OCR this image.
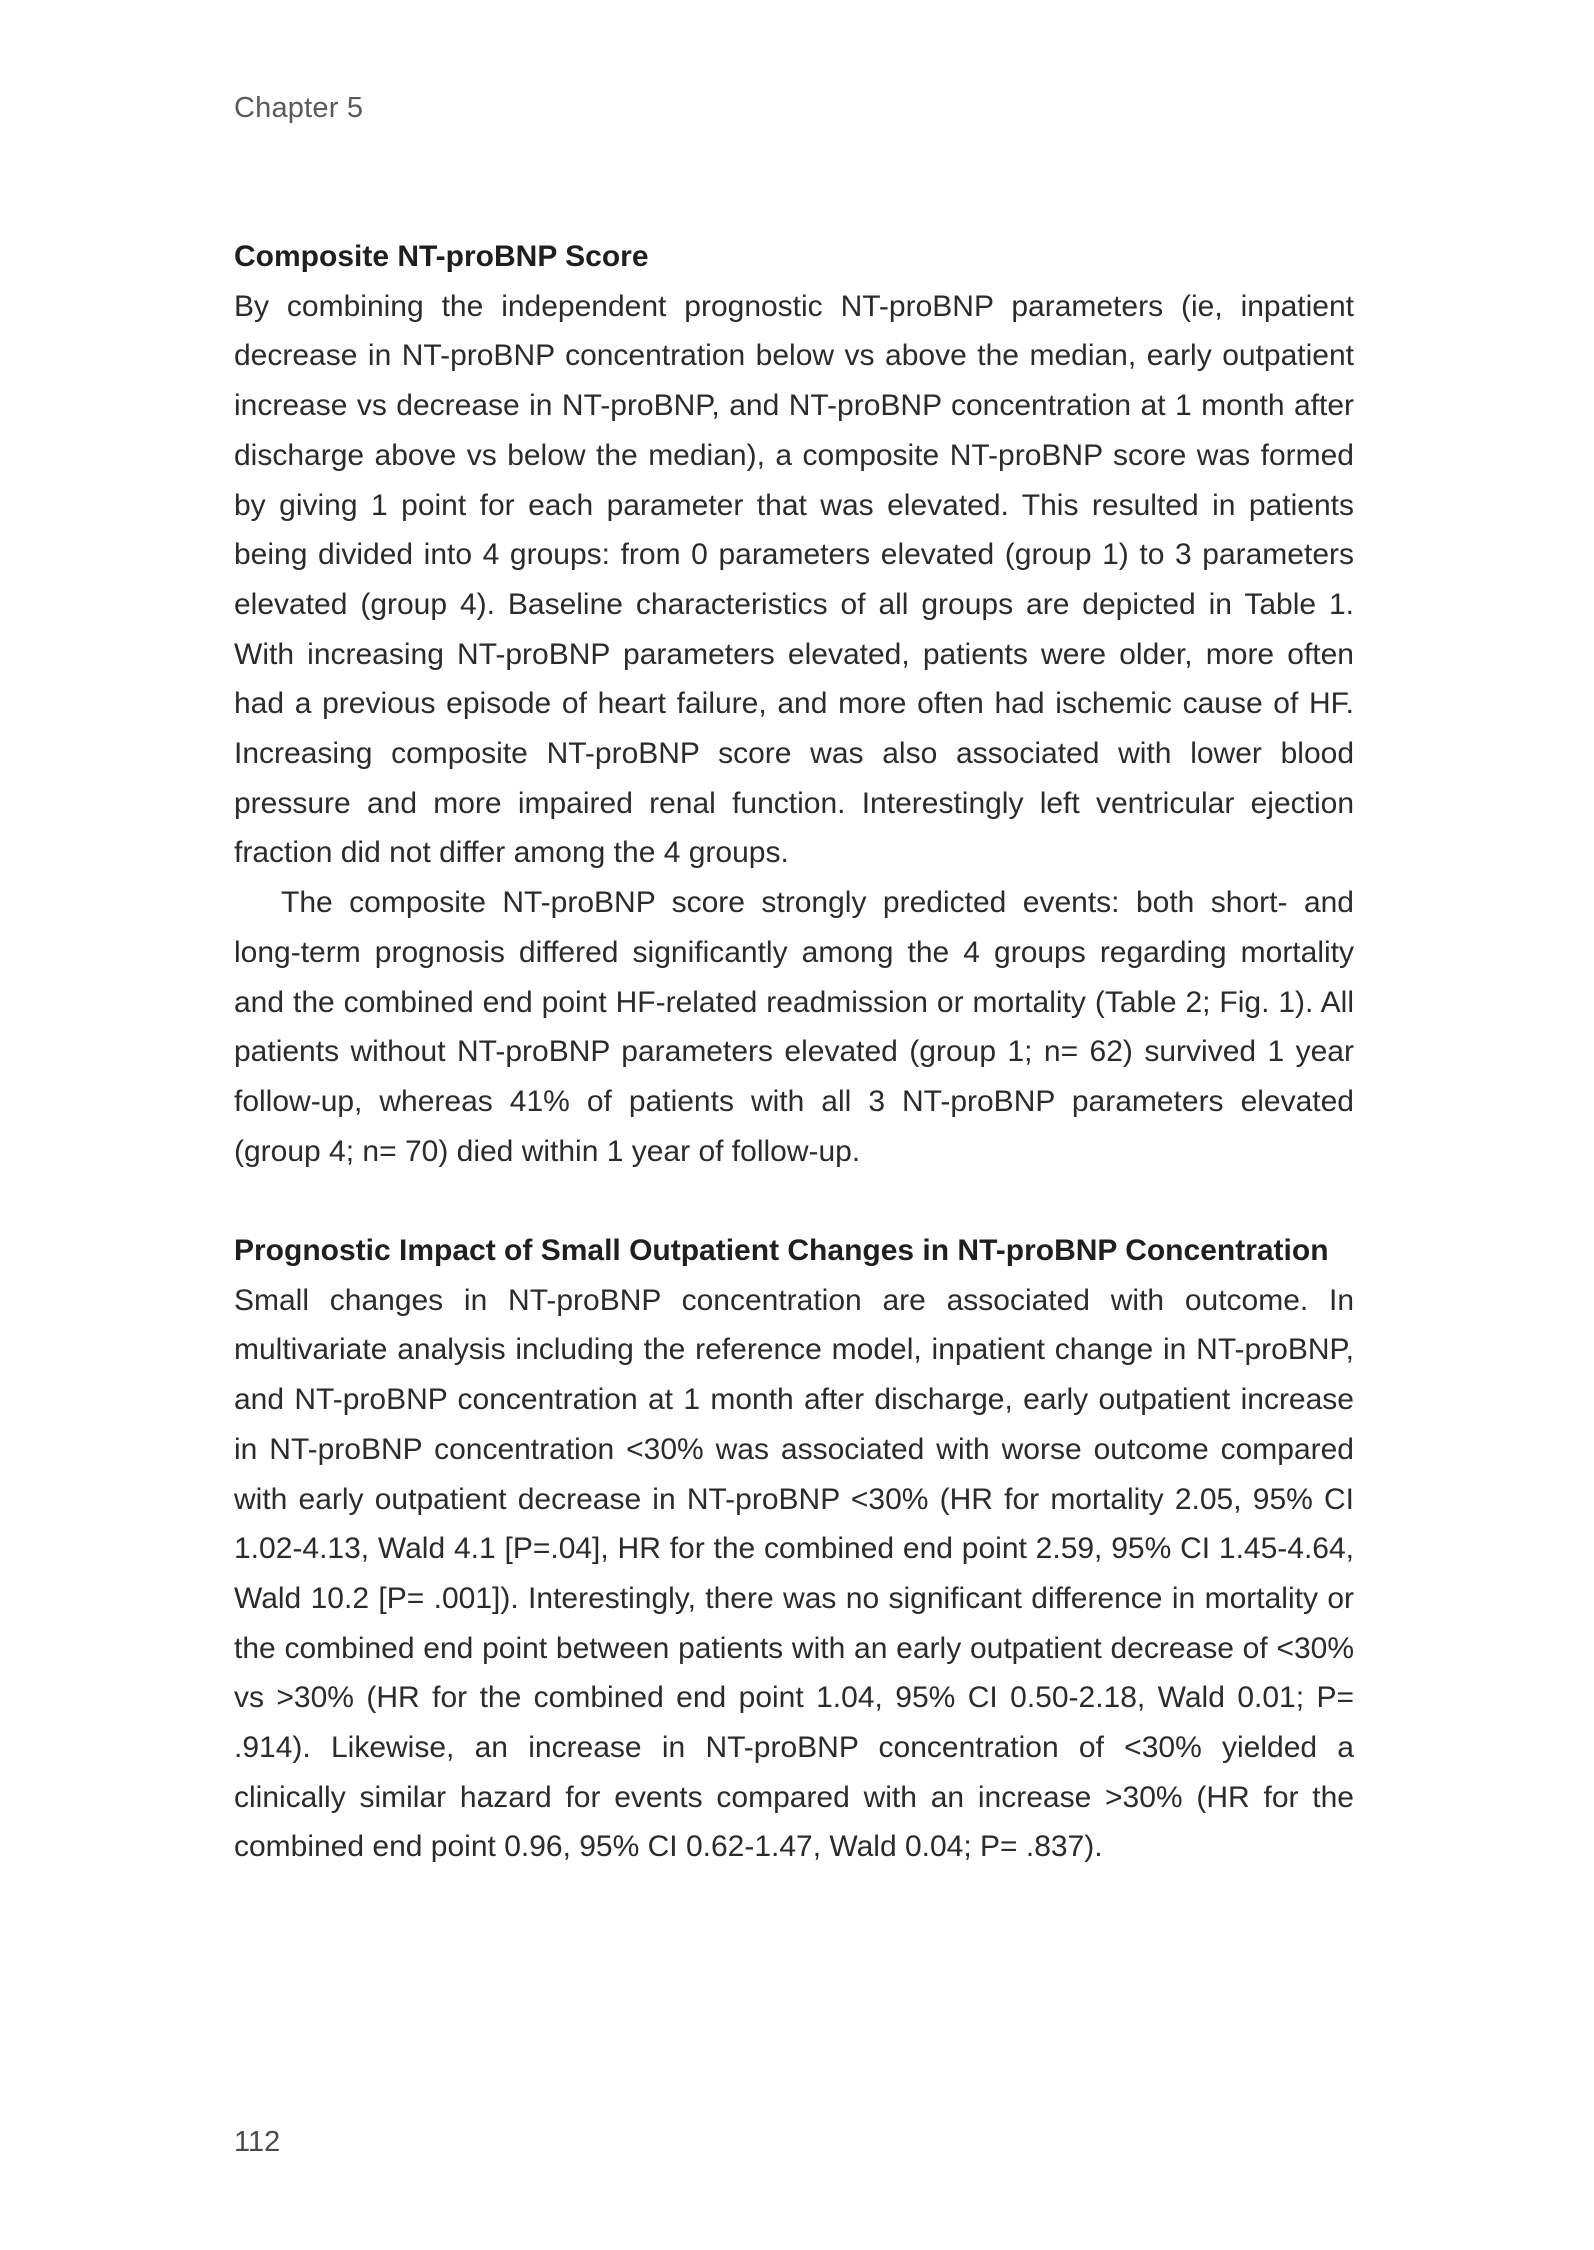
Chapter 5
Composite NT-proBNP Score

By combining the independent prognostic NT-proBNP parameters (ie, inpatient decrease in NT-proBNP concentration below vs above the median, early outpatient increase vs decrease in NT-proBNP, and NT-proBNP concentration at 1 month after discharge above vs below the median), a composite NT-proBNP score was formed by giving 1 point for each parameter that was elevated. This resulted in patients being divided into 4 groups: from 0 parameters elevated (group 1) to 3 parameters elevated (group 4). Baseline characteristics of all groups are depicted in Table 1. With increasing NT-proBNP parameters elevated, patients were older, more often had a previous episode of heart failure, and more often had ischemic cause of HF. Increasing composite NT-proBNP score was also associated with lower blood pressure and more impaired renal function. Interestingly left ventricular ejection fraction did not differ among the 4 groups.

The composite NT-proBNP score strongly predicted events: both short- and long-term prognosis differed significantly among the 4 groups regarding mortality and the combined end point HF-related readmission or mortality (Table 2; Fig. 1). All patients without NT-proBNP parameters elevated (group 1; n= 62) survived 1 year follow-up, whereas 41% of patients with all 3 NT-proBNP parameters elevated (group 4; n= 70) died within 1 year of follow-up.

Prognostic Impact of Small Outpatient Changes in NT-proBNP Concentration

Small changes in NT-proBNP concentration are associated with outcome. In multivariate analysis including the reference model, inpatient change in NT-proBNP, and NT-proBNP concentration at 1 month after discharge, early outpatient increase in NT-proBNP concentration <30% was associated with worse outcome compared with early outpatient decrease in NT-proBNP <30% (HR for mortality 2.05, 95% CI 1.02-4.13, Wald 4.1 [P=.04], HR for the combined end point 2.59, 95% CI 1.45-4.64, Wald 10.2 [P= .001]). Interestingly, there was no significant difference in mortality or the combined end point between patients with an early outpatient decrease of <30% vs >30% (HR for the combined end point 1.04, 95% CI 0.50-2.18, Wald 0.01; P= .914). Likewise, an increase in NT-proBNP concentration of <30% yielded a clinically similar hazard for events compared with an increase >30% (HR for the combined end point 0.96, 95% CI 0.62-1.47, Wald 0.04; P= .837).

112
